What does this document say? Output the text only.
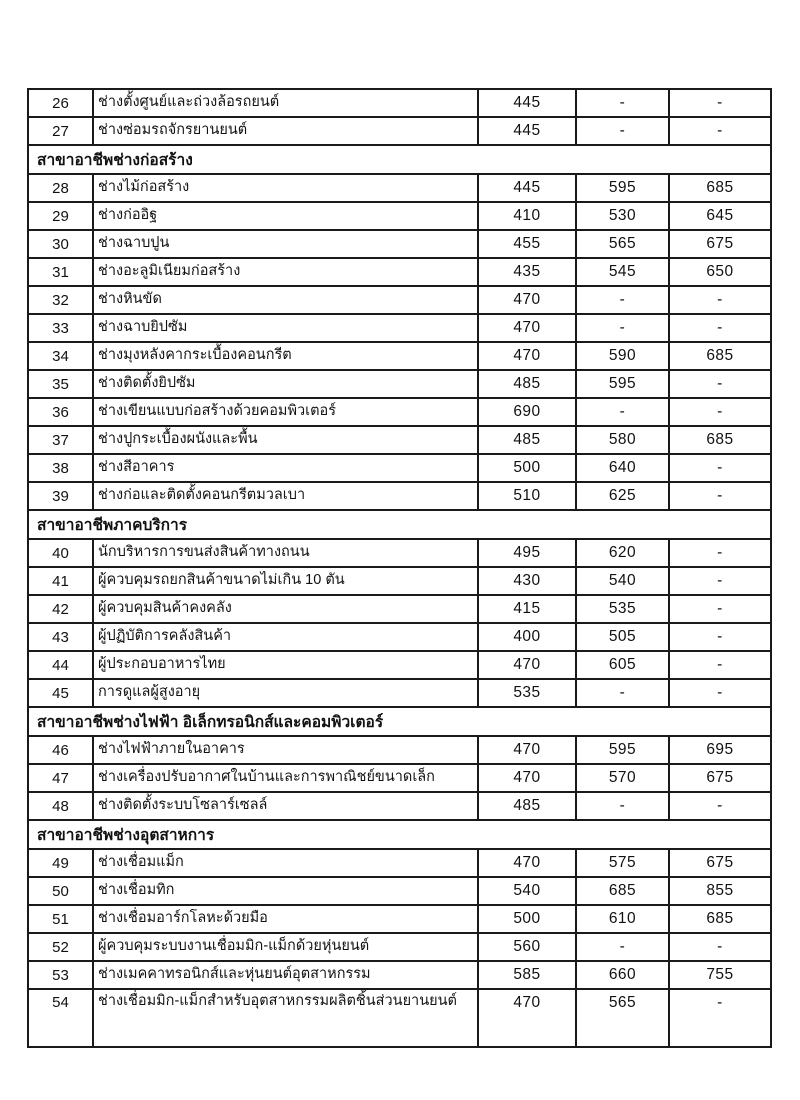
26	ช่างตั้งศูนย์และถ่วงล้อรถยนต์	445	-	-
27	ช่างซ่อมรถจักรยานยนต์	445	-	-
สาขาอาชีพช่างก่อสร้าง				
28	ช่างไม้ก่อสร้าง	445	595	685
29	ช่างก่ออิฐ	410	530	645
30	ช่างฉาบปูน	455	565	675
31	ช่างอะลูมิเนียมก่อสร้าง	435	545	650
32	ช่างหินขัด	470	-	-
33	ช่างฉาบยิปซัม	470	-	-
34	ช่างมุงหลังคากระเบื้องคอนกรีต	470	590	685
35	ช่างติดตั้งยิปซัม	485	595	-
36	ช่างเขียนแบบก่อสร้างด้วยคอมพิวเตอร์	690	-	-
37	ช่างปูกระเบื้องผนังและพื้น	485	580	685
38	ช่างสีอาคาร	500	640	-
39	ช่างก่อและติดตั้งคอนกรีตมวลเบา	510	625	-
สาขาอาชีพภาคบริการ				
40	นักบริหารการขนส่งสินค้าทางถนน	495	620	-
41	ผู้ควบคุมรถยกสินค้าขนาดไม่เกิน 10 ตัน	430	540	-
42	ผู้ควบคุมสินค้าคงคลัง	415	535	-
43	ผู้ปฏิบัติการคลังสินค้า	400	505	-
44	ผู้ประกอบอาหารไทย	470	605	-
45	การดูแลผู้สูงอายุ	535	-	-
สาขาอาชีพช่างไฟฟ้า อิเล็กทรอนิกส์และคอมพิวเตอร์				
46	ช่างไฟฟ้าภายในอาคาร	470	595	695
47	ช่างเครื่องปรับอากาศในบ้านและการพาณิชย์ขนาดเล็ก	470	570	675
48	ช่างติดตั้งระบบโซลาร์เซลล์	485	-	-
สาขาอาชีพช่างอุตสาหการ				
49	ช่างเชื่อมแม็ก	470	575	675
50	ช่างเชื่อมทิก	540	685	855
51	ช่างเชื่อมอาร์กโลหะด้วยมือ	500	610	685
52	ผู้ควบคุมระบบงานเชื่อมมิก-แม็กด้วยหุ่นยนต์	560	-	-
53	ช่างเมคคาทรอนิกส์และหุ่นยนต์อุตสาหกรรม	585	660	755
54	ช่างเชื่อมมิก-แม็กสำหรับอุตสาหกรรมผลิตชิ้นส่วนยานยนต์	470	565	-
